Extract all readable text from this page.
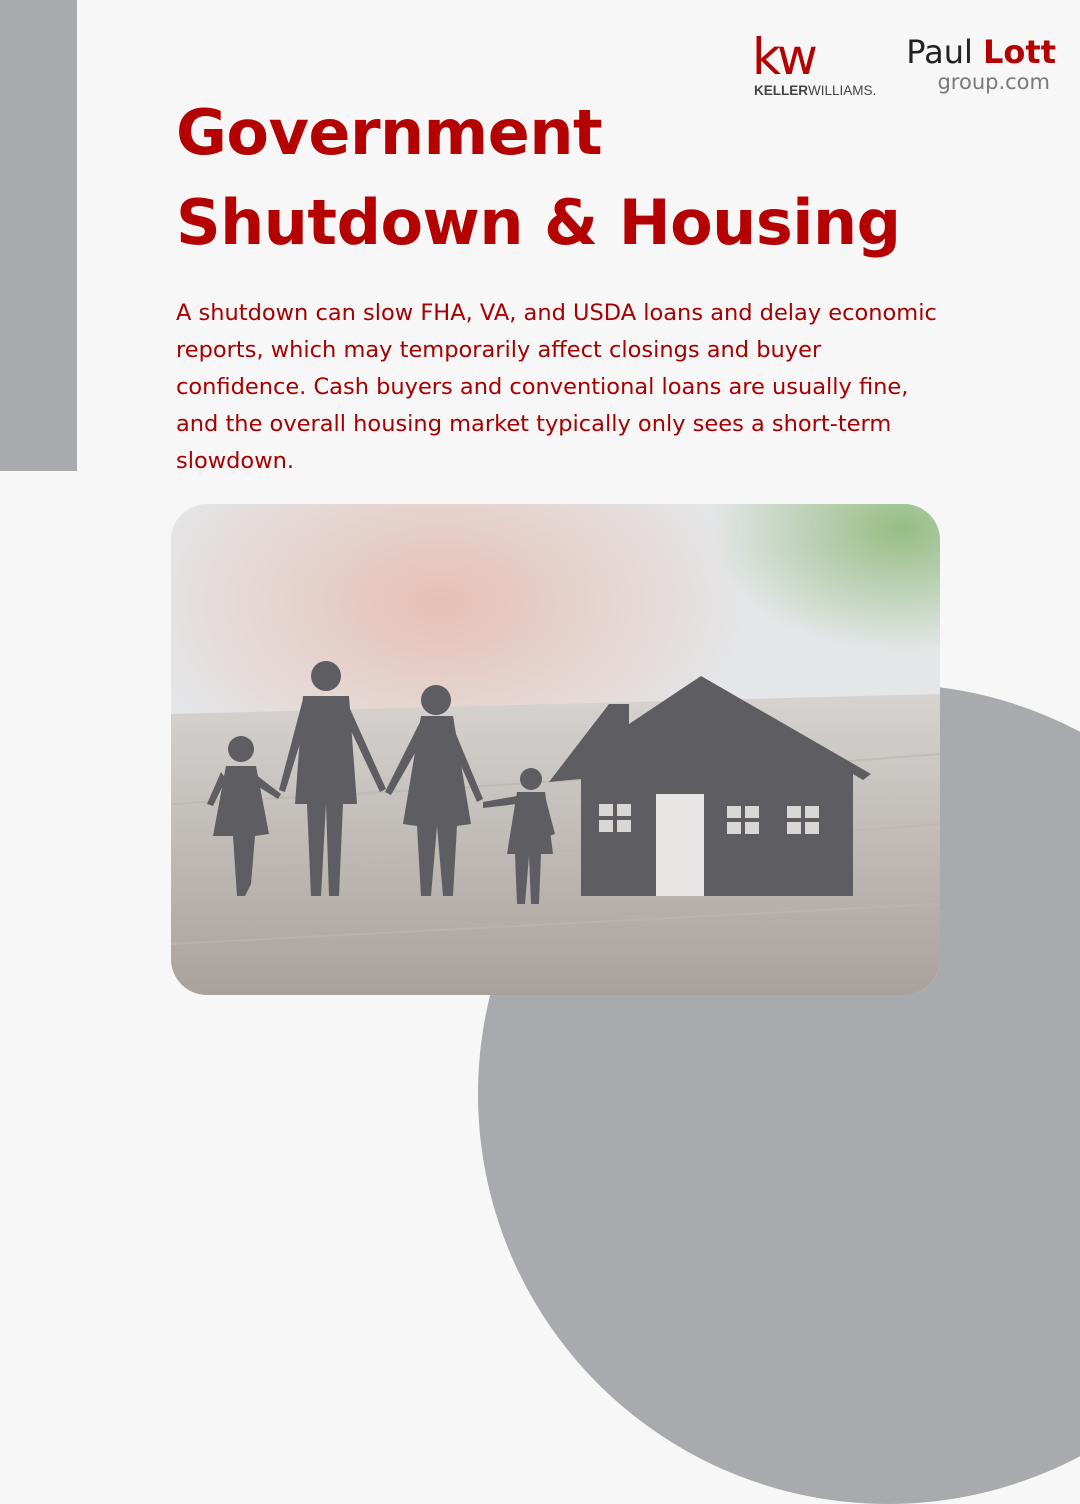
kw
KELLERWILLIAMS.
Paul Lott
group.com
Government
Shutdown & Housing

A shutdown can slow FHA, VA, and USDA loans and delay economic reports, which may temporarily affect closings and buyer confidence. Cash buyers and conventional loans are usually fine, and the overall housing market typically only sees a short-term slowdown.
